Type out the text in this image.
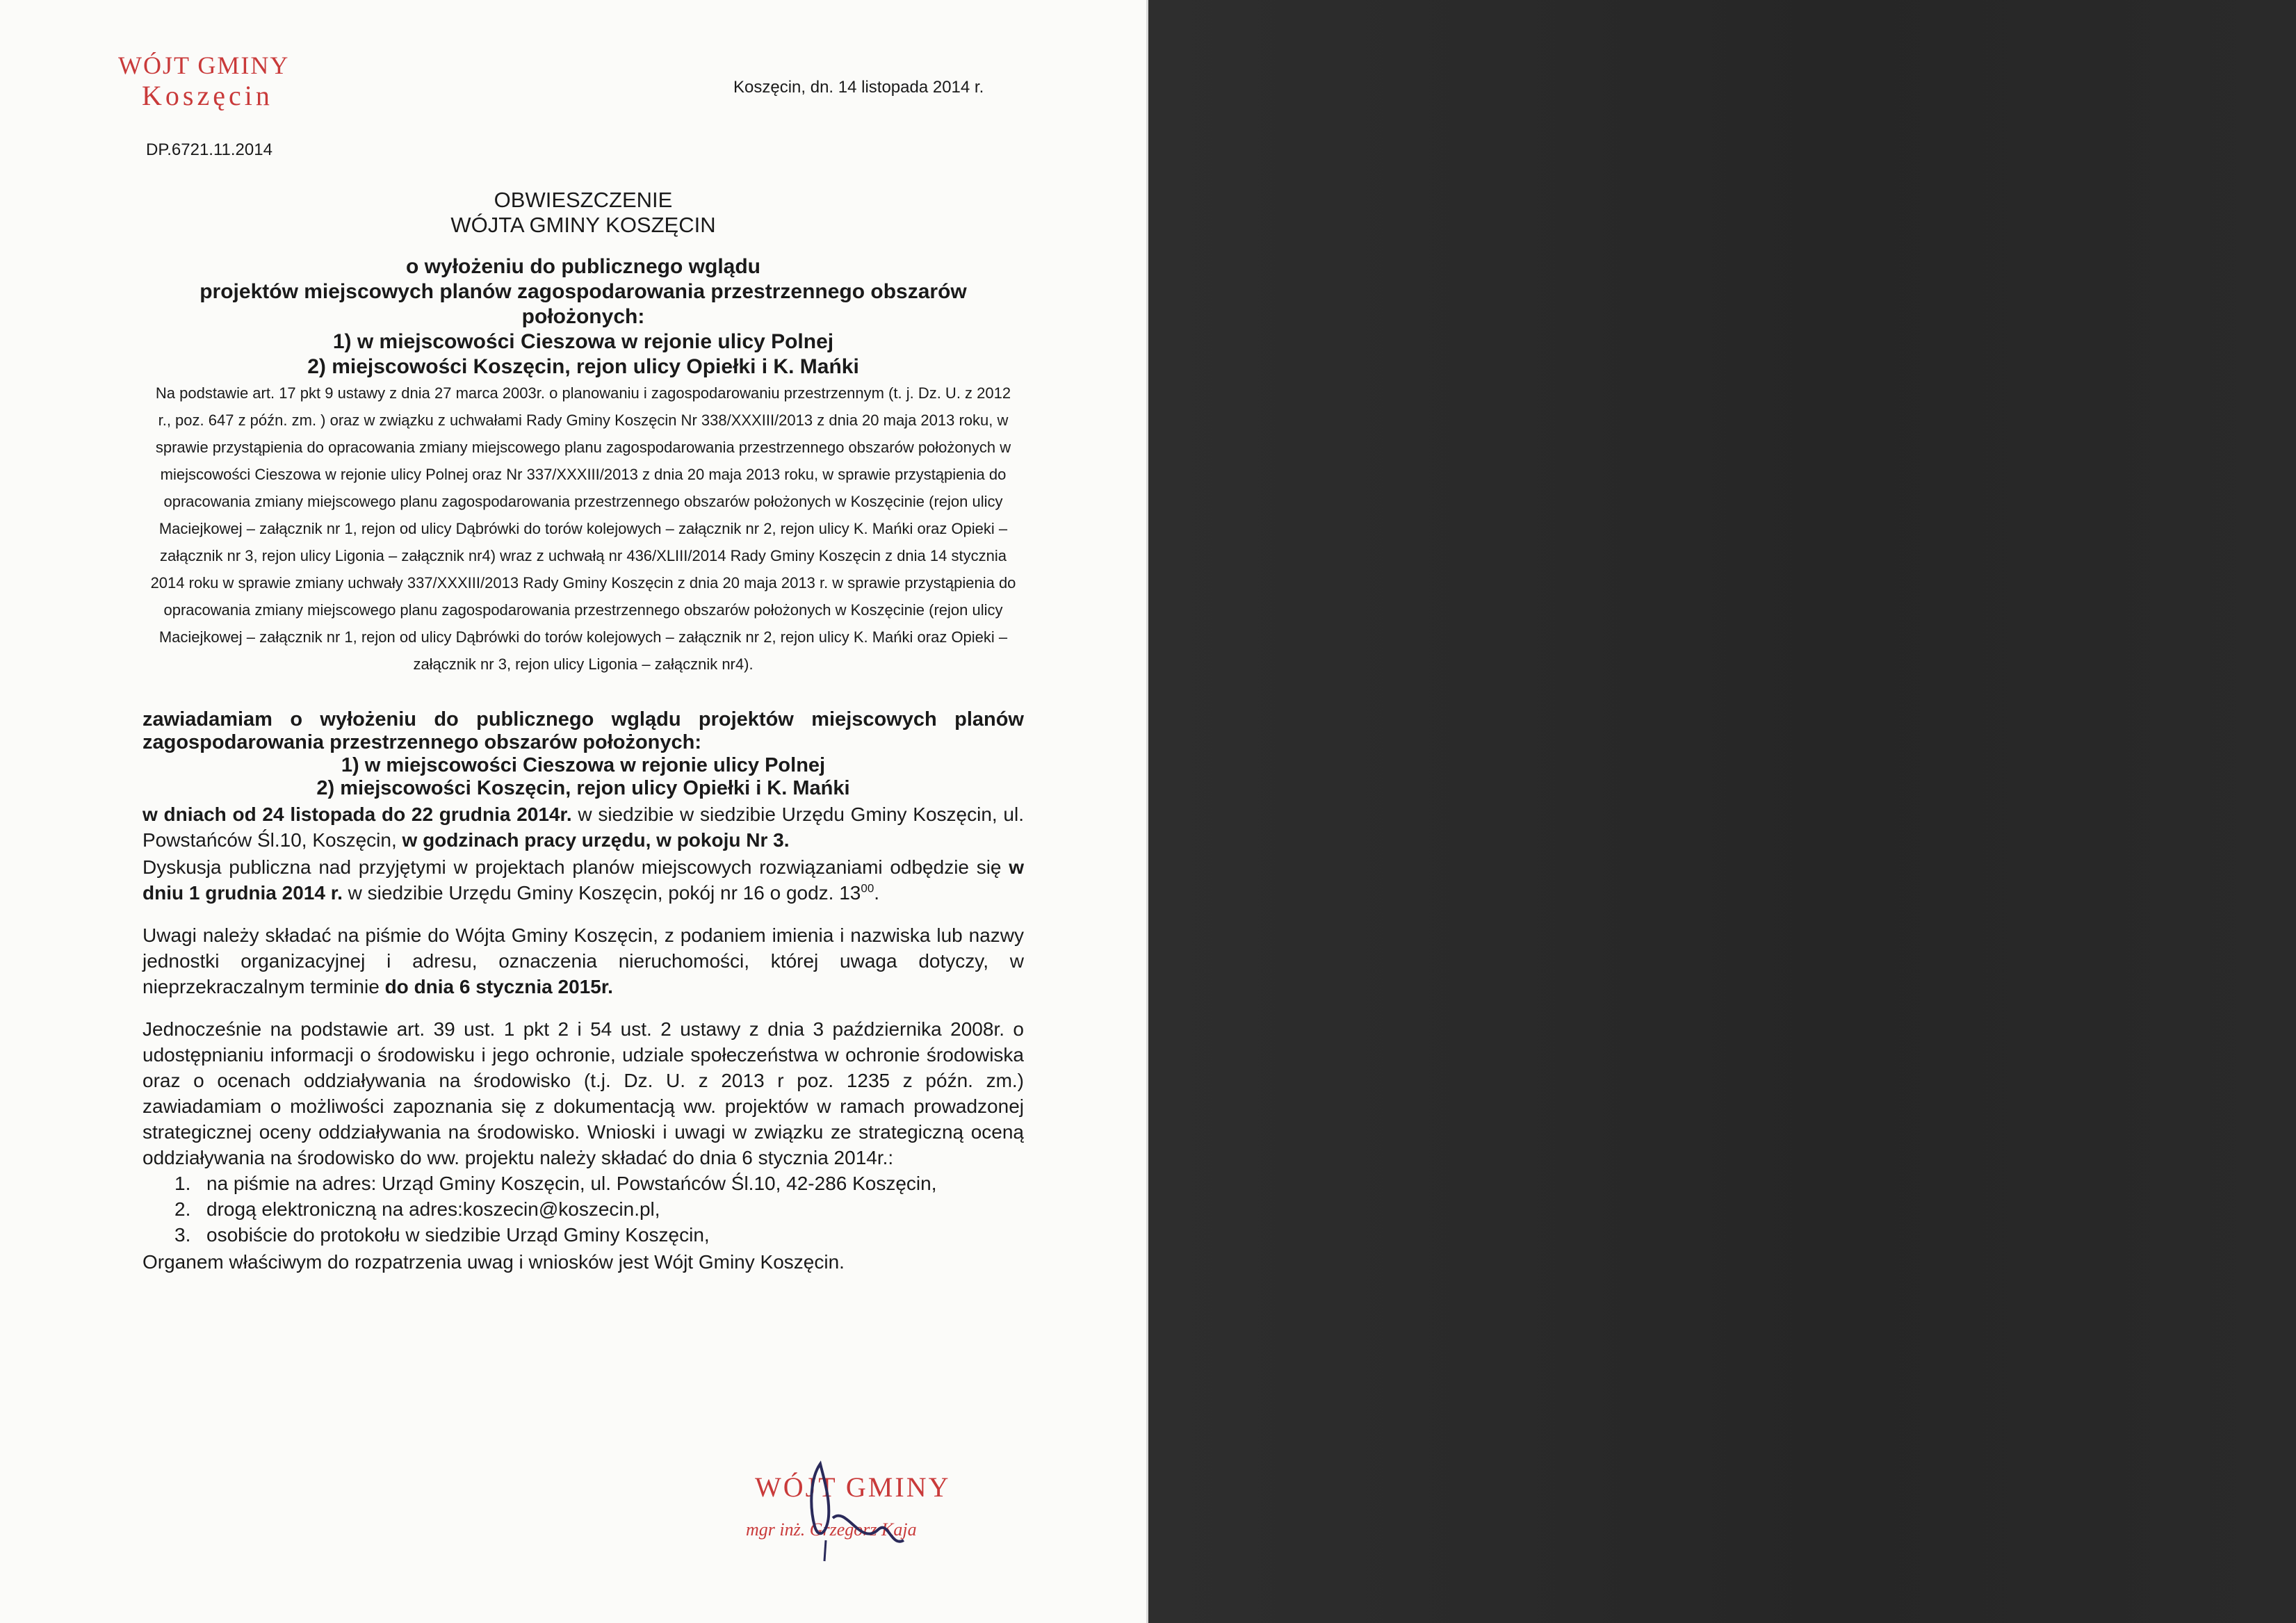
WÓJT GMINY
Koszęcin	Koszęcin, dn. 14 listopada 2014 r.
DP.6721.11.2014
OBWIESZCZENIE
WÓJTA GMINY KOSZĘCIN
o wyłożeniu do publicznego wglądu
projektów miejscowych planów zagospodarowania przestrzennego obszarów
położonych:
1) w miejscowości Cieszowa w rejonie ulicy Polnej
2) miejscowości Koszęcin, rejon ulicy Opiełki i K. Mańki
Na podstawie art. 17 pkt 9 ustawy z dnia 27 marca 2003r. o planowaniu i zagospodarowaniu przestrzennym (t. j. Dz. U. z 2012 r., poz. 647 z późn. zm. ) oraz w związku z uchwałami Rady Gminy Koszęcin Nr 338/XXXIII/2013 z dnia 20 maja 2013 roku, w sprawie przystąpienia do opracowania zmiany miejscowego planu zagospodarowania przestrzennego obszarów położonych w miejscowości Cieszowa w rejonie ulicy Polnej oraz Nr 337/XXXIII/2013 z dnia 20 maja 2013 roku, w sprawie przystąpienia do opracowania zmiany miejscowego planu zagospodarowania przestrzennego obszarów położonych w Koszęcinie (rejon ulicy Maciejkowej – załącznik nr 1, rejon od ulicy Dąbrówki do torów kolejowych – załącznik nr 2, rejon ulicy K. Mańki oraz Opieki – załącznik nr 3, rejon ulicy Ligonia – załącznik nr4) wraz z uchwałą nr 436/XLIII/2014 Rady Gminy Koszęcin z dnia 14 stycznia 2014 roku w sprawie zmiany uchwały 337/XXXIII/2013 Rady Gminy Koszęcin z dnia 20 maja 2013 r. w sprawie przystąpienia do opracowania zmiany miejscowego planu zagospodarowania przestrzennego obszarów położonych w Koszęcinie (rejon ulicy Maciejkowej – załącznik nr 1, rejon od ulicy Dąbrówki do torów kolejowych – załącznik nr 2, rejon ulicy K. Mańki oraz Opieki – załącznik nr 3, rejon ulicy Ligonia – załącznik nr4).
zawiadamiam o wyłożeniu do publicznego wglądu projektów miejscowych planów zagospodarowania przestrzennego obszarów położonych:
1) w miejscowości Cieszowa w rejonie ulicy Polnej
2) miejscowości Koszęcin, rejon ulicy Opiełki i K. Mańki
w dniach od 24 listopada do 22 grudnia 2014r. w siedzibie w siedzibie Urzędu Gminy Koszęcin, ul. Powstańców Śl.10, Koszęcin, w godzinach pracy urzędu, w pokoju Nr 3.
Dyskusja publiczna nad przyjętymi w projektach planów miejscowych rozwiązaniami odbędzie się w dniu 1 grudnia 2014 r. w siedzibie Urzędu Gminy Koszęcin, pokój nr 16 o godz. $13^{00}$.
Uwagi należy składać na piśmie do Wójta Gminy Koszęcin, z podaniem imienia i nazwiska lub nazwy jednostki organizacyjnej i adresu, oznaczenia nieruchomości, której uwaga dotyczy, w nieprzekraczalnym terminie do dnia 6 stycznia 2015r.
Jednocześnie na podstawie art. 39 ust. 1 pkt 2 i 54 ust. 2 ustawy z dnia 3 października 2008r. o udostępnianiu informacji o środowisku i jego ochronie, udziale społeczeństwa w ochronie środowiska oraz o ocenach oddziaływania na środowisko (t.j. Dz. U. z 2013 r poz. 1235 z późn. zm.) zawiadamiam o możliwości zapoznania się z dokumentacją ww. projektów w ramach prowadzonej strategicznej oceny oddziaływania na środowisko. Wnioski i uwagi w związku ze strategiczną oceną oddziaływania na środowisko do ww. projektu należy składać do dnia 6 stycznia 2014r.:
1. na piśmie na adres: Urząd Gminy Koszęcin, ul. Powstańców Śl.10, 42-286 Koszęcin,
2. drogą elektroniczną na adres:koszecin@koszecin.pl,
3. osobiście do protokołu w siedzibie Urząd Gminy Koszęcin,
Organem właściwym do rozpatrzenia uwag i wniosków jest Wójt Gminy Koszęcin.
WÓJT GMINY
mgr inż. Grzegorz Kaja
